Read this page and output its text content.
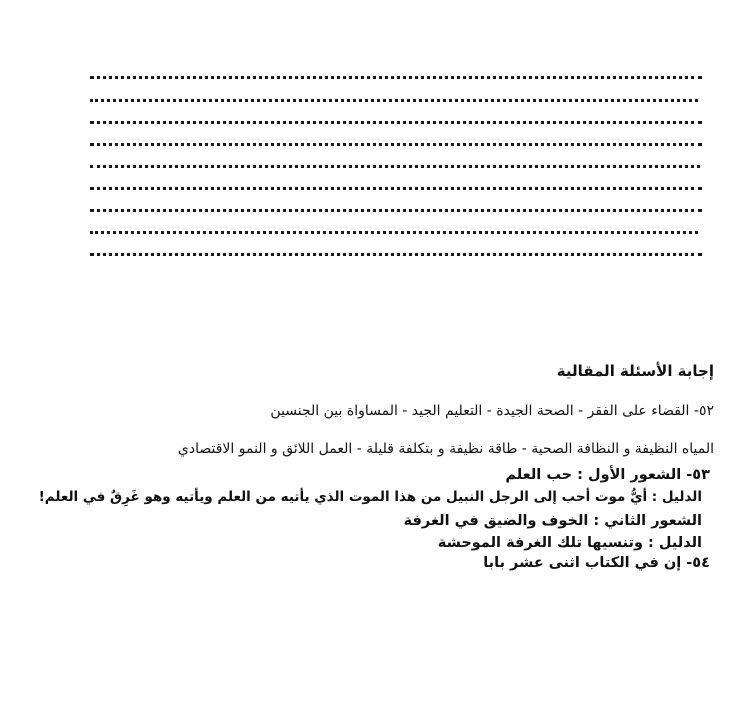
إجابة الأسئلة المقالية
٥٢- القضاء على الفقر - الصحة الجيدة - التعليم الجيد - المساواة بين الجنسين
المياه النظيفة و النظافة الصحية - طاقة نظيفة و بتكلفة قليلة - العمل اللائق و النمو الاقتصادي
٥٣- الشعور الأول : حب العلم
الدليل : أيُّ موت أحب إلى الرجل النبيل من هذا الموت الذي يأتيه من العلم ويأتيه وهو غَرِقٌ في العلم!
الشعور الثاني : الخوف والضيق في الغرفة
الدليل : وتنسيها تلك الغرفة الموحشة
٥٤- إن في الكتاب اثنى عشر بابا
